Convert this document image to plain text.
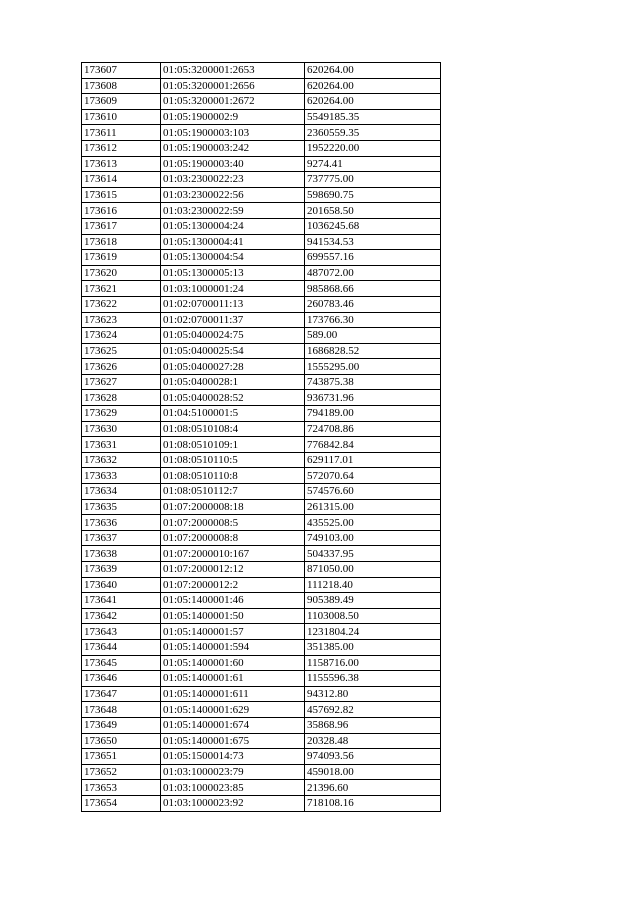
173607	01:05:3200001:2653	620264.00
173608	01:05:3200001:2656	620264.00
173609	01:05:3200001:2672	620264.00
173610	01:05:1900002:9	5549185.35
173611	01:05:1900003:103	2360559.35
173612	01:05:1900003:242	1952220.00
173613	01:05:1900003:40	9274.41
173614	01:03:2300022:23	737775.00
173615	01:03:2300022:56	598690.75
173616	01:03:2300022:59	201658.50
173617	01:05:1300004:24	1036245.68
173618	01:05:1300004:41	941534.53
173619	01:05:1300004:54	699557.16
173620	01:05:1300005:13	487072.00
173621	01:03:1000001:24	985868.66
173622	01:02:0700011:13	260783.46
173623	01:02:0700011:37	173766.30
173624	01:05:0400024:75	589.00
173625	01:05:0400025:54	1686828.52
173626	01:05:0400027:28	1555295.00
173627	01:05:0400028:1	743875.38
173628	01:05:0400028:52	936731.96
173629	01:04:5100001:5	794189.00
173630	01:08:0510108:4	724708.86
173631	01:08:0510109:1	776842.84
173632	01:08:0510110:5	629117.01
173633	01:08:0510110:8	572070.64
173634	01:08:0510112:7	574576.60
173635	01:07:2000008:18	261315.00
173636	01:07:2000008:5	435525.00
173637	01:07:2000008:8	749103.00
173638	01:07:2000010:167	504337.95
173639	01:07:2000012:12	871050.00
173640	01:07:2000012:2	111218.40
173641	01:05:1400001:46	905389.49
173642	01:05:1400001:50	1103008.50
173643	01:05:1400001:57	1231804.24
173644	01:05:1400001:594	351385.00
173645	01:05:1400001:60	1158716.00
173646	01:05:1400001:61	1155596.38
173647	01:05:1400001:611	94312.80
173648	01:05:1400001:629	457692.82
173649	01:05:1400001:674	35868.96
173650	01:05:1400001:675	20328.48
173651	01:05:1500014:73	974093.56
173652	01:03:1000023:79	459018.00
173653	01:03:1000023:85	21396.60
173654	01:03:1000023:92	718108.16
